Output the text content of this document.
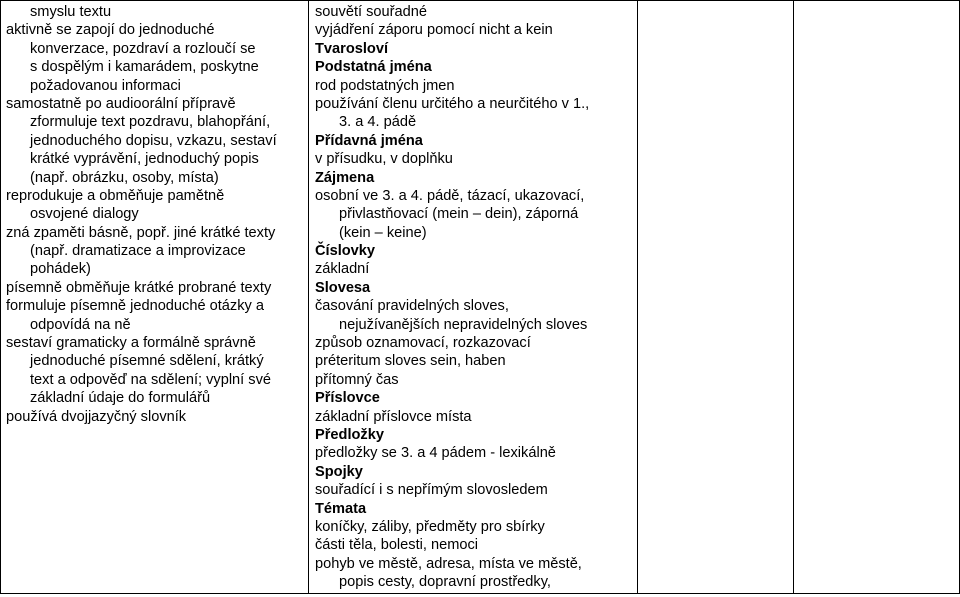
smyslu textu
aktivně se zapojí do jednoduché
konverzace, pozdraví a rozloučí se
s dospělým i kamarádem, poskytne
požadovanou informaci
samostatně po audioorální přípravě
zformuluje text pozdravu, blahopřání,
jednoduchého dopisu, vzkazu, sestaví
krátké vyprávění, jednoduchý popis
(např. obrázku, osoby, místa)
reprodukuje a obměňuje pamětně
osvojené dialogy
zná zpaměti básně, popř. jiné krátké texty
(např. dramatizace a improvizace
pohádek)
písemně obměňuje krátké probrané texty
formuluje písemně jednoduché otázky a
odpovídá na ně
sestaví gramaticky a formálně správně
jednoduché písemné sdělení, krátký
text a odpověď na sdělení; vyplní své
základní údaje do formulářů
používá dvojjazyčný slovník
souvětí souřadné
vyjádření záporu pomocí nicht a kein
Tvarosloví
Podstatná jména
rod podstatných jmen
používání členu určitého a neurčitého v 1.,
3. a 4. pádě
Přídavná jména
v přísudku, v doplňku
Zájmena
osobní ve 3. a 4. pádě, tázací, ukazovací,
přivlastňovací (mein – dein), záporná
(kein – keine)
Číslovky
základní
Slovesa
časování pravidelných sloves,
nejužívanějších nepravidelných sloves
způsob oznamovací, rozkazovací
préteritum sloves sein, haben
přítomný čas
Příslovce
základní příslovce místa
Předložky
předložky se 3. a 4 pádem - lexikálně
Spojky
souřadící i s nepřímým slovosledem
Témata
koníčky, záliby, předměty pro sbírky
části těla, bolesti, nemoci
pohyb ve městě, adresa, místa ve městě,
popis cesty, dopravní prostředky,
